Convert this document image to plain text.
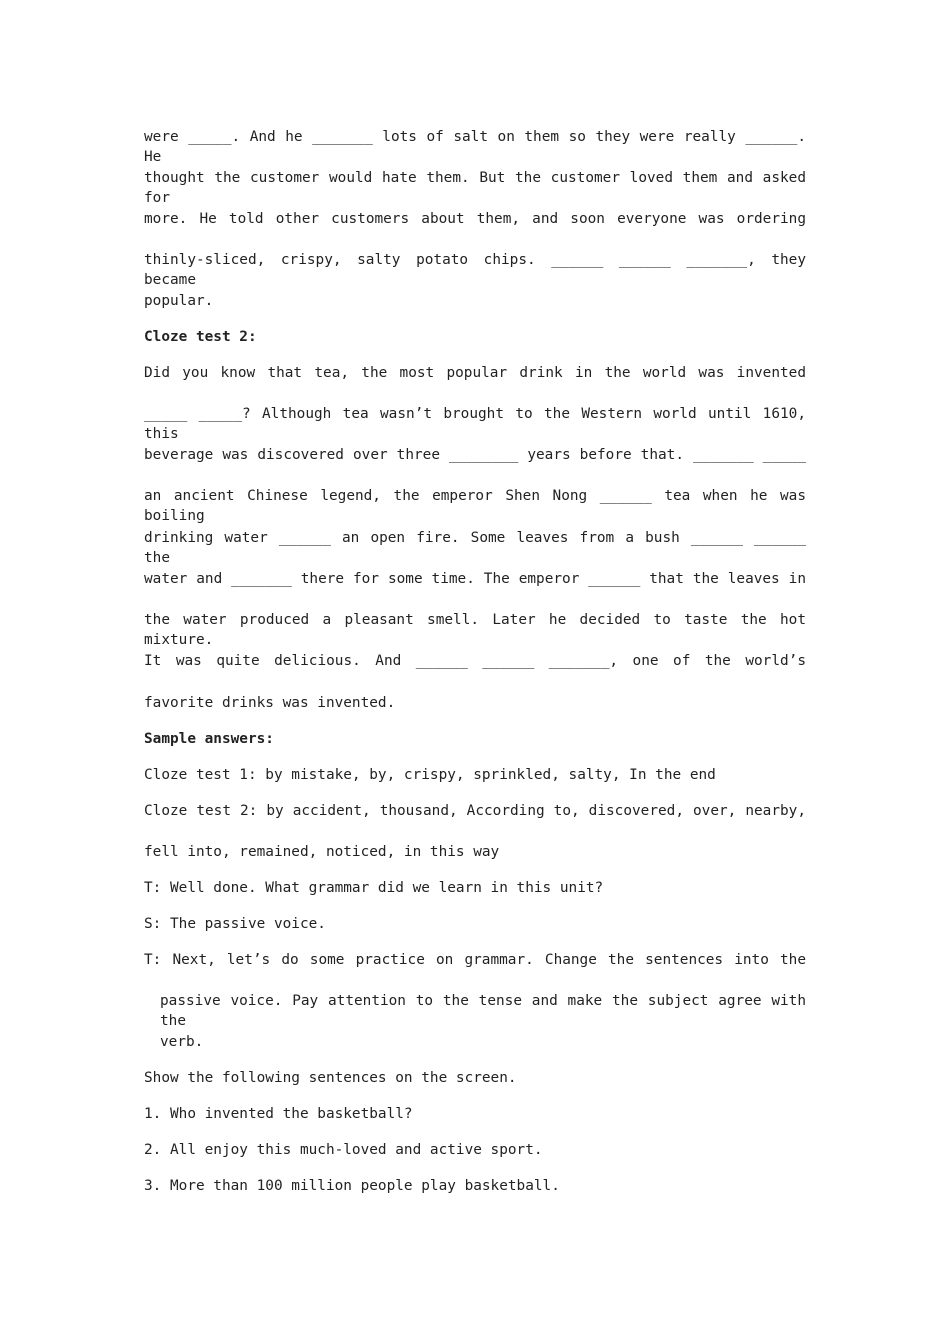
were _____. And he _______ lots of salt on them so they were really ______. He
thought the customer would hate them. But the customer loved them and asked for
more. He told other customers about them, and soon everyone was ordering
thinly-sliced, crispy, salty potato chips. ______ ______ _______, they became
popular.
Cloze test 2:
Did you know that tea, the most popular drink in the world was invented
_____ _____? Although tea wasn’t brought to the Western world until 1610, this
beverage was discovered over three ________ years before that. _______ _____
an ancient Chinese legend, the emperor Shen Nong ______ tea when he was boiling
drinking water ______ an open fire. Some leaves from a bush ______ ______ the
water and _______ there for some time. The emperor ______ that the leaves in
the water produced a pleasant smell. Later he decided to taste the hot mixture.
It was quite delicious. And ______ ______ _______, one of the world’s
favorite drinks was invented.
Sample answers:
Cloze test 1: by mistake, by, crispy, sprinkled, salty, In the end
Cloze test 2: by accident, thousand, According to, discovered, over, nearby,
fell into, remained, noticed, in this way
T: Well done. What grammar did we learn in this unit?
S: The passive voice.
T: Next, let’s do some practice on grammar. Change the sentences into the
passive voice. Pay attention to the tense and make the subject agree with the
verb.
Show the following sentences on the screen.
1. Who invented the basketball?
2. All enjoy this much-loved and active sport.
3. More than 100 million people play basketball.
